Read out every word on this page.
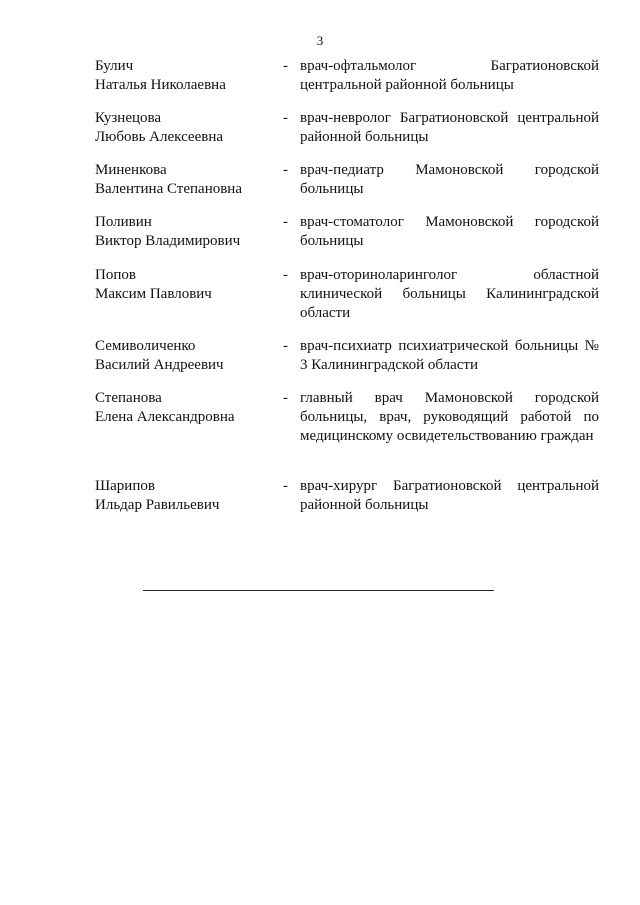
3
Булич
Наталья Николаевна
- врач-офтальмолог Багратионовской центральной районной больницы
Кузнецова
Любовь Алексеевна
- врач-невролог Багратионовской центральной районной больницы
Миненкова
Валентина Степановна
- врач-педиатр Мамоновской городской больницы
Поливин
Виктор Владимирович
- врач-стоматолог Мамоновской городской больницы
Попов
Максим Павлович
- врач-оториноларинголог областной клинической больницы Калининградской области
Семиволиченко
Василий Андреевич
- врач-психиатр психиатрической больницы № 3 Калининградской области
Степанова
Елена Александровна
- главный врач Мамоновской городской больницы, врач, руководящий работой по медицинскому освидетельствованию граждан
Шарипов
Ильдар Равильевич
- врач-хирург Багратионовской центральной районной больницы
